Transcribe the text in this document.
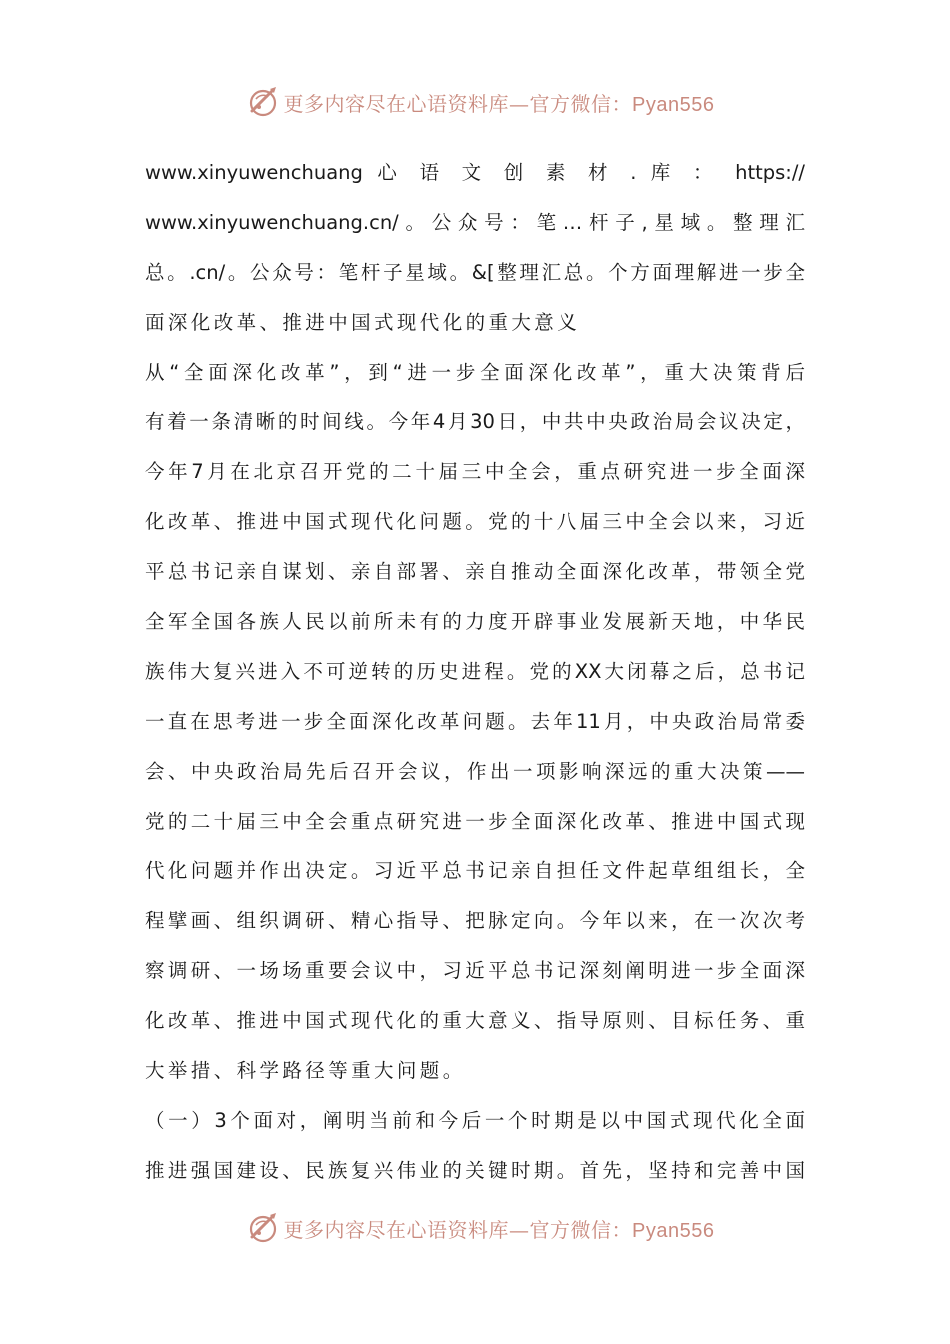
更多内容尽在心语资料库—官方微信：Pyan556
www.xinyuwenchuang 心 语 文 创 素 材 . 库 ： https://
www.xinyuwenchuang.cn/。公众号：笔…杆子,星域。整理汇
总。.cn/。公众号：笔杆子星域。&[整理汇总。个方面理解进一步全
面深化改革、推进中国式现代化的重大意义
从“全面深化改革”，到“进一步全面深化改革”，重大决策背后
有着一条清晰的时间线。今年4月30日，中共中央政治局会议决定，
今年7月在北京召开党的二十届三中全会，重点研究进一步全面深
化改革、推进中国式现代化问题。党的十八届三中全会以来，习近
平总书记亲自谋划、亲自部署、亲自推动全面深化改革，带领全党
全军全国各族人民以前所未有的力度开辟事业发展新天地，中华民
族伟大复兴进入不可逆转的历史进程。党的XX大闭幕之后，总书记
一直在思考进一步全面深化改革问题。去年11月，中央政治局常委
会、中央政治局先后召开会议，作出一项影响深远的重大决策——
党的二十届三中全会重点研究进一步全面深化改革、推进中国式现
代化问题并作出决定。习近平总书记亲自担任文件起草组组长，全
程擘画、组织调研、精心指导、把脉定向。今年以来，在一次次考
察调研、一场场重要会议中，习近平总书记深刻阐明进一步全面深
化改革、推进中国式现代化的重大意义、指导原则、目标任务、重
大举措、科学路径等重大问题。
（一）3个面对，阐明当前和今后一个时期是以中国式现代化全面
推进强国建设、民族复兴伟业的关键时期。首先，坚持和完善中国
更多内容尽在心语资料库—官方微信：Pyan556
